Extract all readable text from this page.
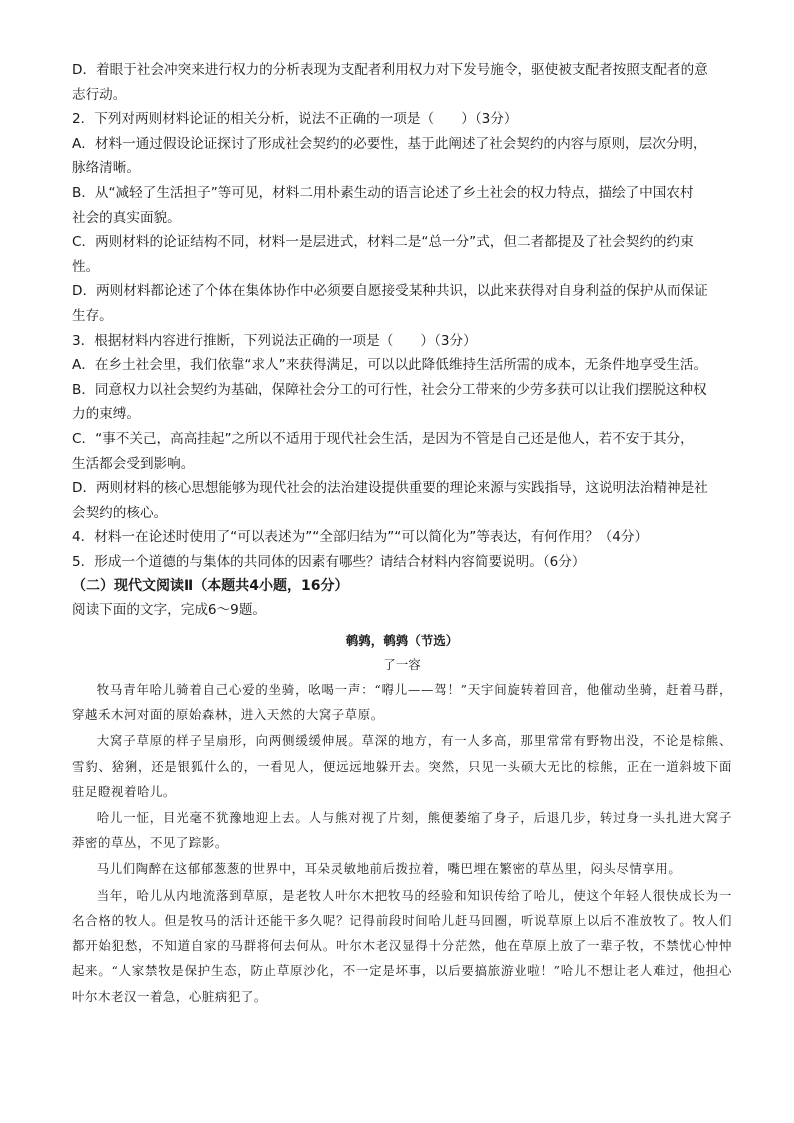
D．着眼于社会冲突来进行权力的分析表现为支配者利用权力对下发号施令，驱使被支配者按照支配者的意
志行动。
2．下列对两则材料论证的相关分析，说法不正确的一项是（　　）（3分）
A．材料一通过假设论证探讨了形成社会契约的必要性，基于此阐述了社会契约的内容与原则，层次分明，
脉络清晰。
B．从“减轻了生活担子”等可见，材料二用朴素生动的语言论述了乡土社会的权力特点，描绘了中国农村
社会的真实面貌。
C．两则材料的论证结构不同，材料一是层进式，材料二是“总一分”式，但二者都提及了社会契约的约束
性。
D．两则材料都论述了个体在集体协作中必须要自愿接受某种共识，以此来获得对自身利益的保护从而保证
生存。
3．根据材料内容进行推断，下列说法正确的一项是（　　）（3分）
A．在乡土社会里，我们依靠“求人”来获得满足，可以以此降低维持生活所需的成本，无条件地享受生活。
B．同意权力以社会契约为基础，保障社会分工的可行性，社会分工带来的少劳多获可以让我们摆脱这种权
力的束缚。
C．“事不关己，高高挂起”之所以不适用于现代社会生活，是因为不管是自己还是他人，若不安于其分，
生活都会受到影响。
D．两则材料的核心思想能够为现代社会的法治建设提供重要的理论来源与实践指导，这说明法治精神是社
会契约的核心。
4．材料一在论述时使用了“可以表述为”“全部归结为”“可以简化为”等表达，有何作用？（4分）
5．形成一个道德的与集体的共同体的因素有哪些？请结合材料内容简要说明。（6分）
（二）现代文阅读Ⅱ（本题共4小题，16分）
阅读下面的文字，完成6～9题。
鹌鹑，鹌鹑（节选）
了一容

牧马青年哈儿骑着自己心爱的坐骑，吆喝一声：“嘚儿——驾！”天宇间旋转着回音，他催动坐骑，赶着马群，穿越禾木河对面的原始森林，进入天然的大窝子草原。

大窝子草原的样子呈扇形，向两侧缓缓伸展。草深的地方，有一人多高，那里常常有野物出没，不论是棕熊、雪豹、猞猁，还是银狐什么的，一看见人，便远远地躲开去。突然，只见一头硕大无比的棕熊，正在一道斜坡下面驻足瞪视着哈儿。

哈儿一怔，目光毫不犹豫地迎上去。人与熊对视了片刻，熊便萎缩了身子，后退几步，转过身一头扎进大窝子莽密的草丛，不见了踪影。

马儿们陶醉在这郁郁葱葱的世界中，耳朵灵敏地前后拨拉着，嘴巴埋在繁密的草丛里，闷头尽情享用。

当年，哈儿从内地流落到草原，是老牧人叶尔木把牧马的经验和知识传给了哈儿，使这个年轻人很快成长为一名合格的牧人。但是牧马的活计还能干多久呢？记得前段时间哈儿赶马回圈，听说草原上以后不准放牧了。牧人们都开始犯愁，不知道自家的马群将何去何从。叶尔木老汉显得十分茫然，他在草原上放了一辈子牧，不禁忧心忡忡起来。“人家禁牧是保护生态，防止草原沙化，不一定是坏事，以后要搞旅游业啦！”哈儿不想让老人难过，他担心叶尔木老汉一着急，心脏病犯了。
